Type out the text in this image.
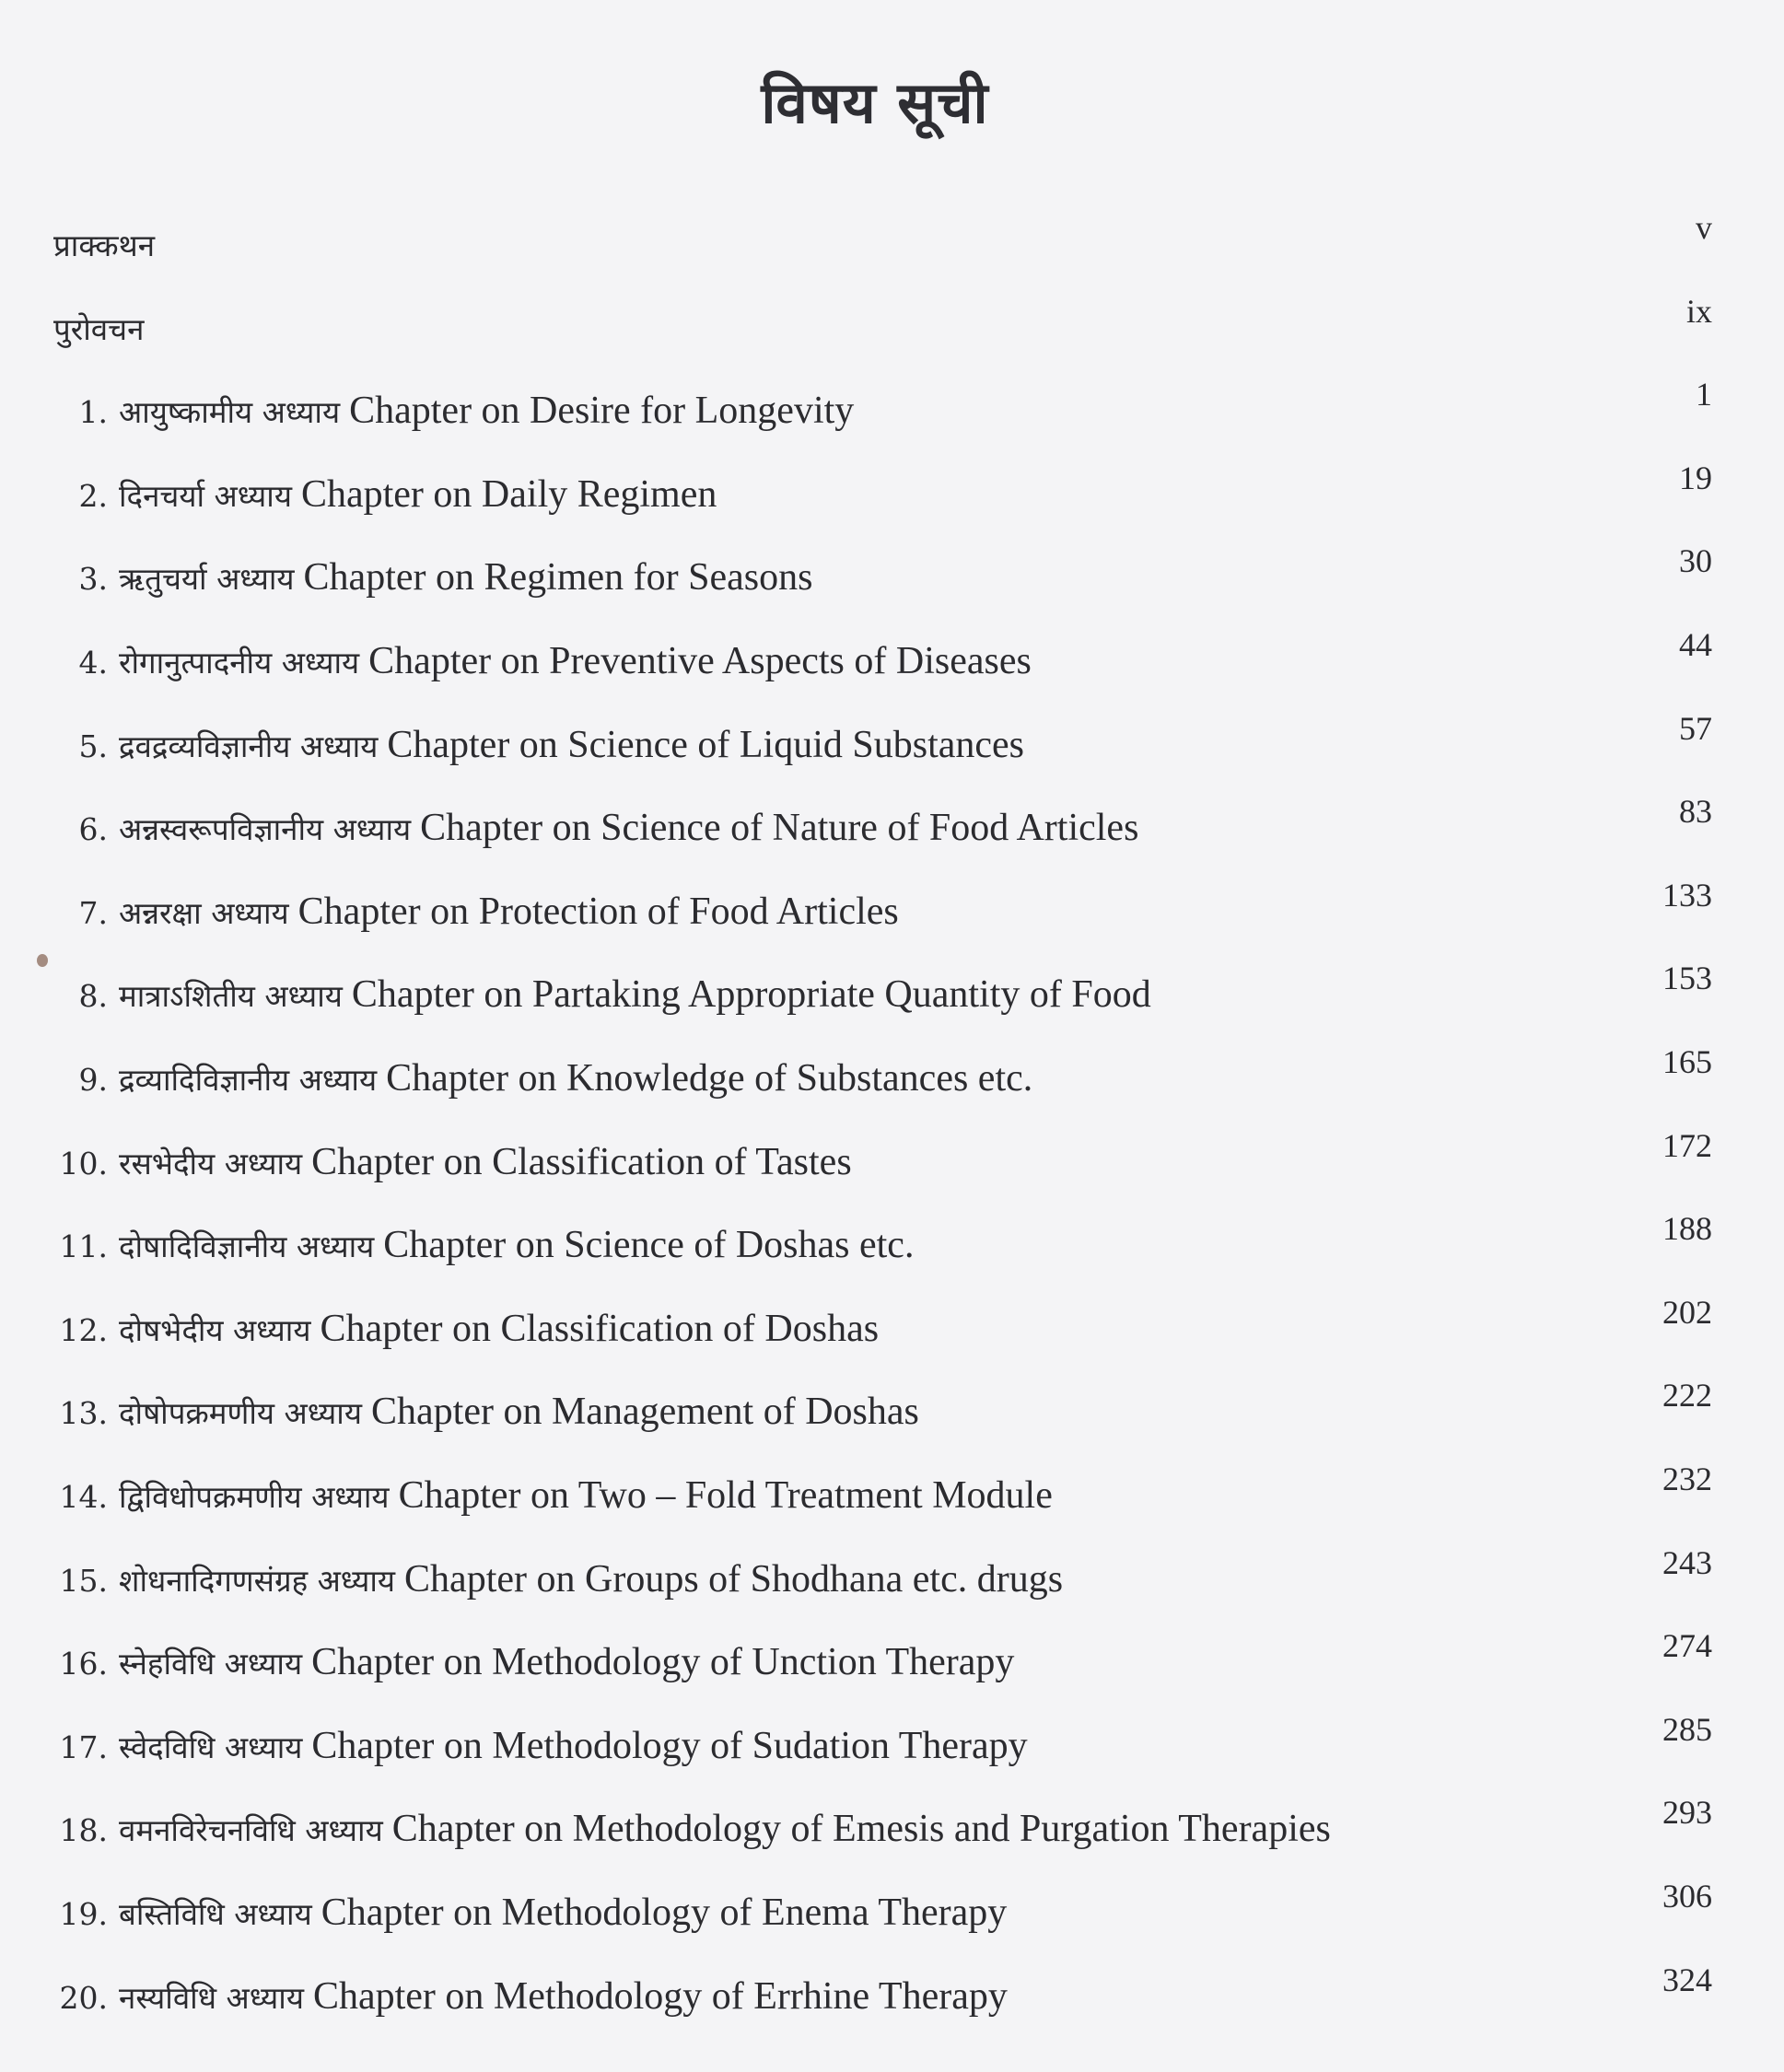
विषय सूची
प्राक्कथन	v
पुरोवचन	ix
1. आयुष्कामीय अध्याय Chapter on Desire for Longevity	1
2. दिनचर्या अध्याय Chapter on Daily Regimen	19
3. ऋतुचर्या अध्याय Chapter on Regimen for Seasons	30
4. रोगानुत्पादनीय अध्याय Chapter on Preventive Aspects of Diseases	44
5. द्रवद्रव्यविज्ञानीय अध्याय Chapter on Science of Liquid Substances	57
6. अन्नस्वरूपविज्ञानीय अध्याय Chapter on Science of Nature of Food Articles	83
7. अन्नरक्षा अध्याय Chapter on Protection of Food Articles	133
8. मात्राऽशितीय अध्याय Chapter on Partaking Appropriate Quantity of Food	153
9. द्रव्यादिविज्ञानीय अध्याय Chapter on Knowledge of Substances etc.	165
10. रसभेदीय अध्याय Chapter on Classification of Tastes	172
11. दोषादिविज्ञानीय अध्याय Chapter on Science of Doshas etc.	188
12. दोषभेदीय अध्याय Chapter on Classification of Doshas	202
13. दोषोपक्रमणीय अध्याय Chapter on Management of Doshas	222
14. द्विविधोपक्रमणीय अध्याय Chapter on Two – Fold Treatment Module	232
15. शोधनादिगणसंग्रह अध्याय Chapter on Groups of Shodhana etc. drugs	243
16. स्नेहविधि अध्याय Chapter on Methodology of Unction Therapy	274
17. स्वेदविधि अध्याय Chapter on Methodology of Sudation Therapy	285
18. वमनविरेचनविधि अध्याय Chapter on Methodology of Emesis and Purgation Therapies	293
19. बस्तिविधि अध्याय Chapter on Methodology of Enema Therapy	306
20. नस्यविधि अध्याय Chapter on Methodology of Errhine Therapy	324
